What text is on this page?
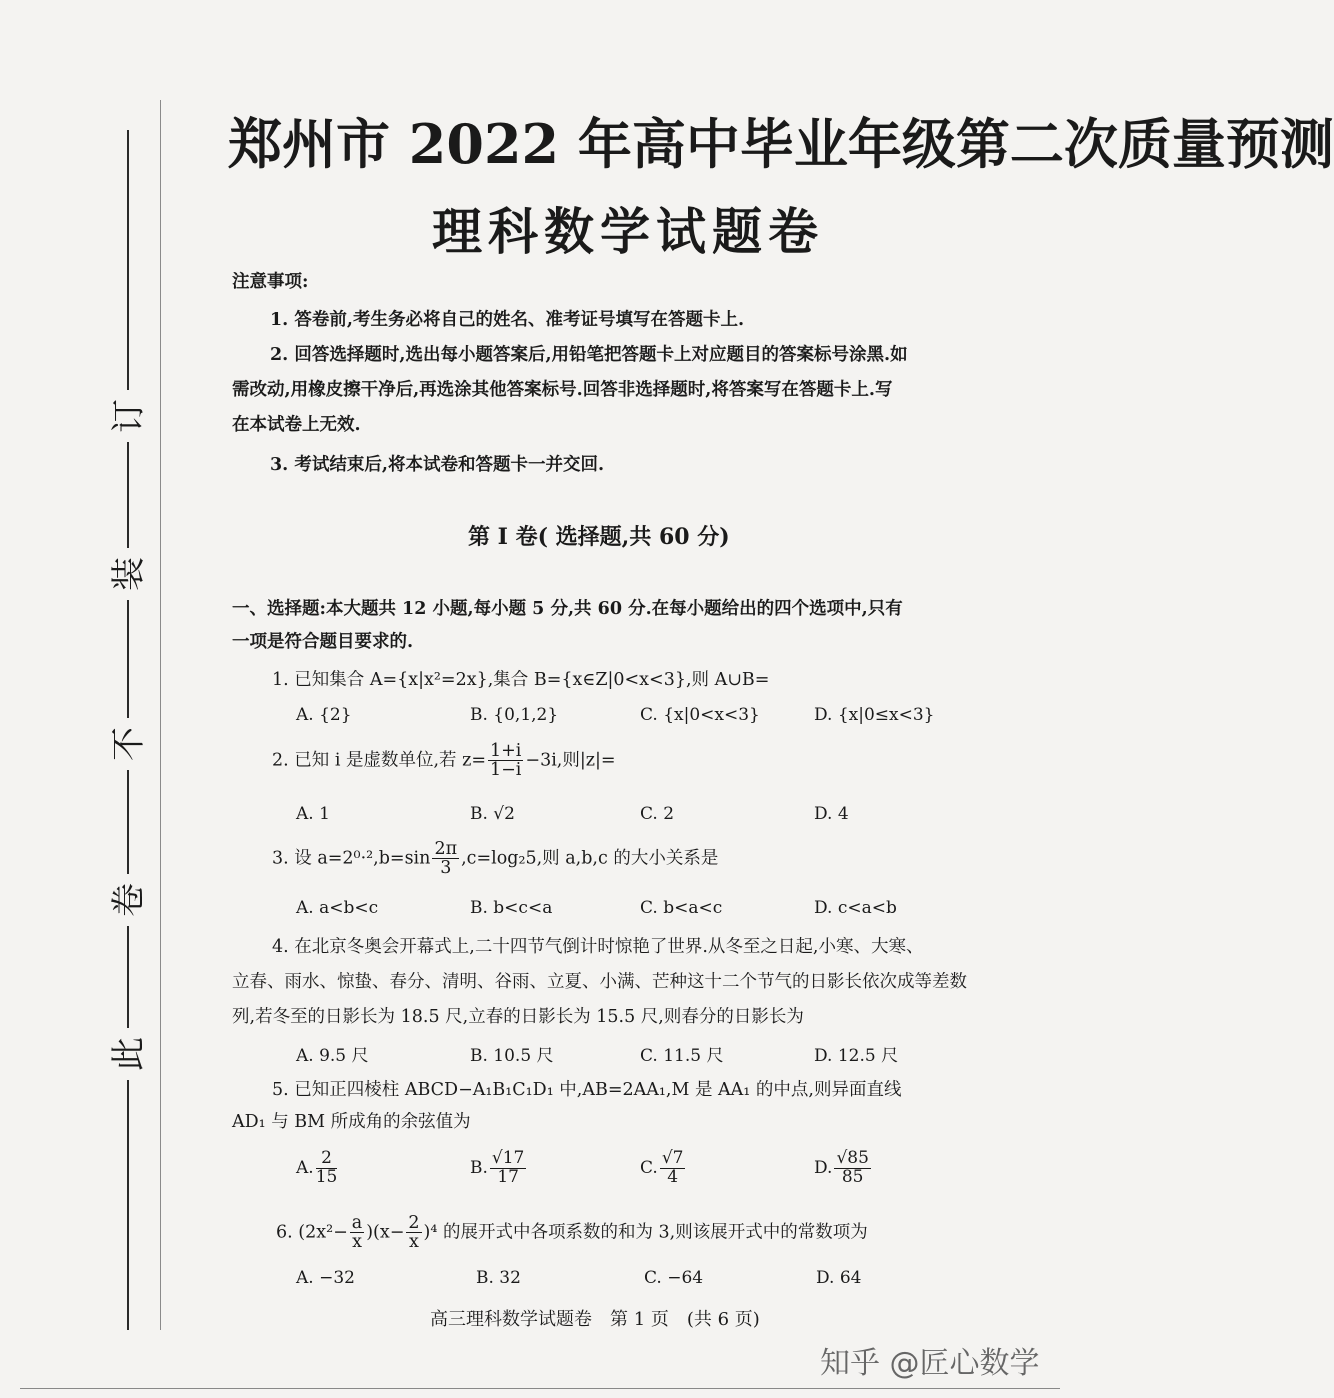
订
装
不
卷
此
郑州市 2022 年高中毕业年级第二次质量预测
理科数学试题卷
注意事项:
1. 答卷前,考生务必将自己的姓名、准考证号填写在答题卡上.
2. 回答选择题时,选出每小题答案后,用铅笔把答题卡上对应题目的答案标号涂黑.如
需改动,用橡皮擦干净后,再选涂其他答案标号.回答非选择题时,将答案写在答题卡上.写
在本试卷上无效.
3. 考试结束后,将本试卷和答题卡一并交回.
第 I 卷( 选择题,共 60 分)
一、选择题:本大题共 12 小题,每小题 5 分,共 60 分.在每小题给出的四个选项中,只有
一项是符合题目要求的.
1. 已知集合 A={x|x²=2x},集合 B={x∈Z|0<x<3},则 A∪B=
A. {2}	B. {0,1,2}	C. {x|0<x<3}	D. {x|0≤x<3}
2. 已知 i 是虚数单位,若 $z= \frac{1+i}{1-i} -3i$,则|z|=
A. 1	B. √2	C. 2	D. 4
3. 设 $a=2^0\cdot^2,b=\sin \frac{2\pi}{3} ,c=\log_25$,则 a,b,c 的大小关系是
A. a<b<c	B. b<c<a	C. b<a<c	D. c<a<b
4. 在北京冬奥会开幕式上,二十四节气倒计时惊艳了世界.从冬至之日起,小寒、大寒、
立春、雨水、惊蛰、春分、清明、谷雨、立夏、小满、芒种这十二个节气的日影长依次成等差数
列,若冬至的日影长为 18.5 尺,立春的日影长为 15.5 尺,则春分的日影长为
A. 9.5 尺	B. 10.5 尺	C. 11.5 尺	D. 12.5 尺
5. 已知正四棱柱 ABCD−A₁B₁C₁D₁ 中,AB=2AA₁,M 是 AA₁ 的中点,则异面直线
AD₁ 与 BM 所成角的余弦值为
A. $\frac{2}{15}$	B. $\frac{√17}{17}$	C. $\frac{√7}{4}$	D. $\frac{√85}{85}$
6. $(2x^2- \frac{a}{x} )(x- \frac{2}{x} )^4$ 的展开式中各项系数的和为 3,则该展开式中的常数项为
A. −32	B. 32	C. −64	D. 64
高三理科数学试题卷　第 1 页　(共 6 页)
知乎 @匠心数学
